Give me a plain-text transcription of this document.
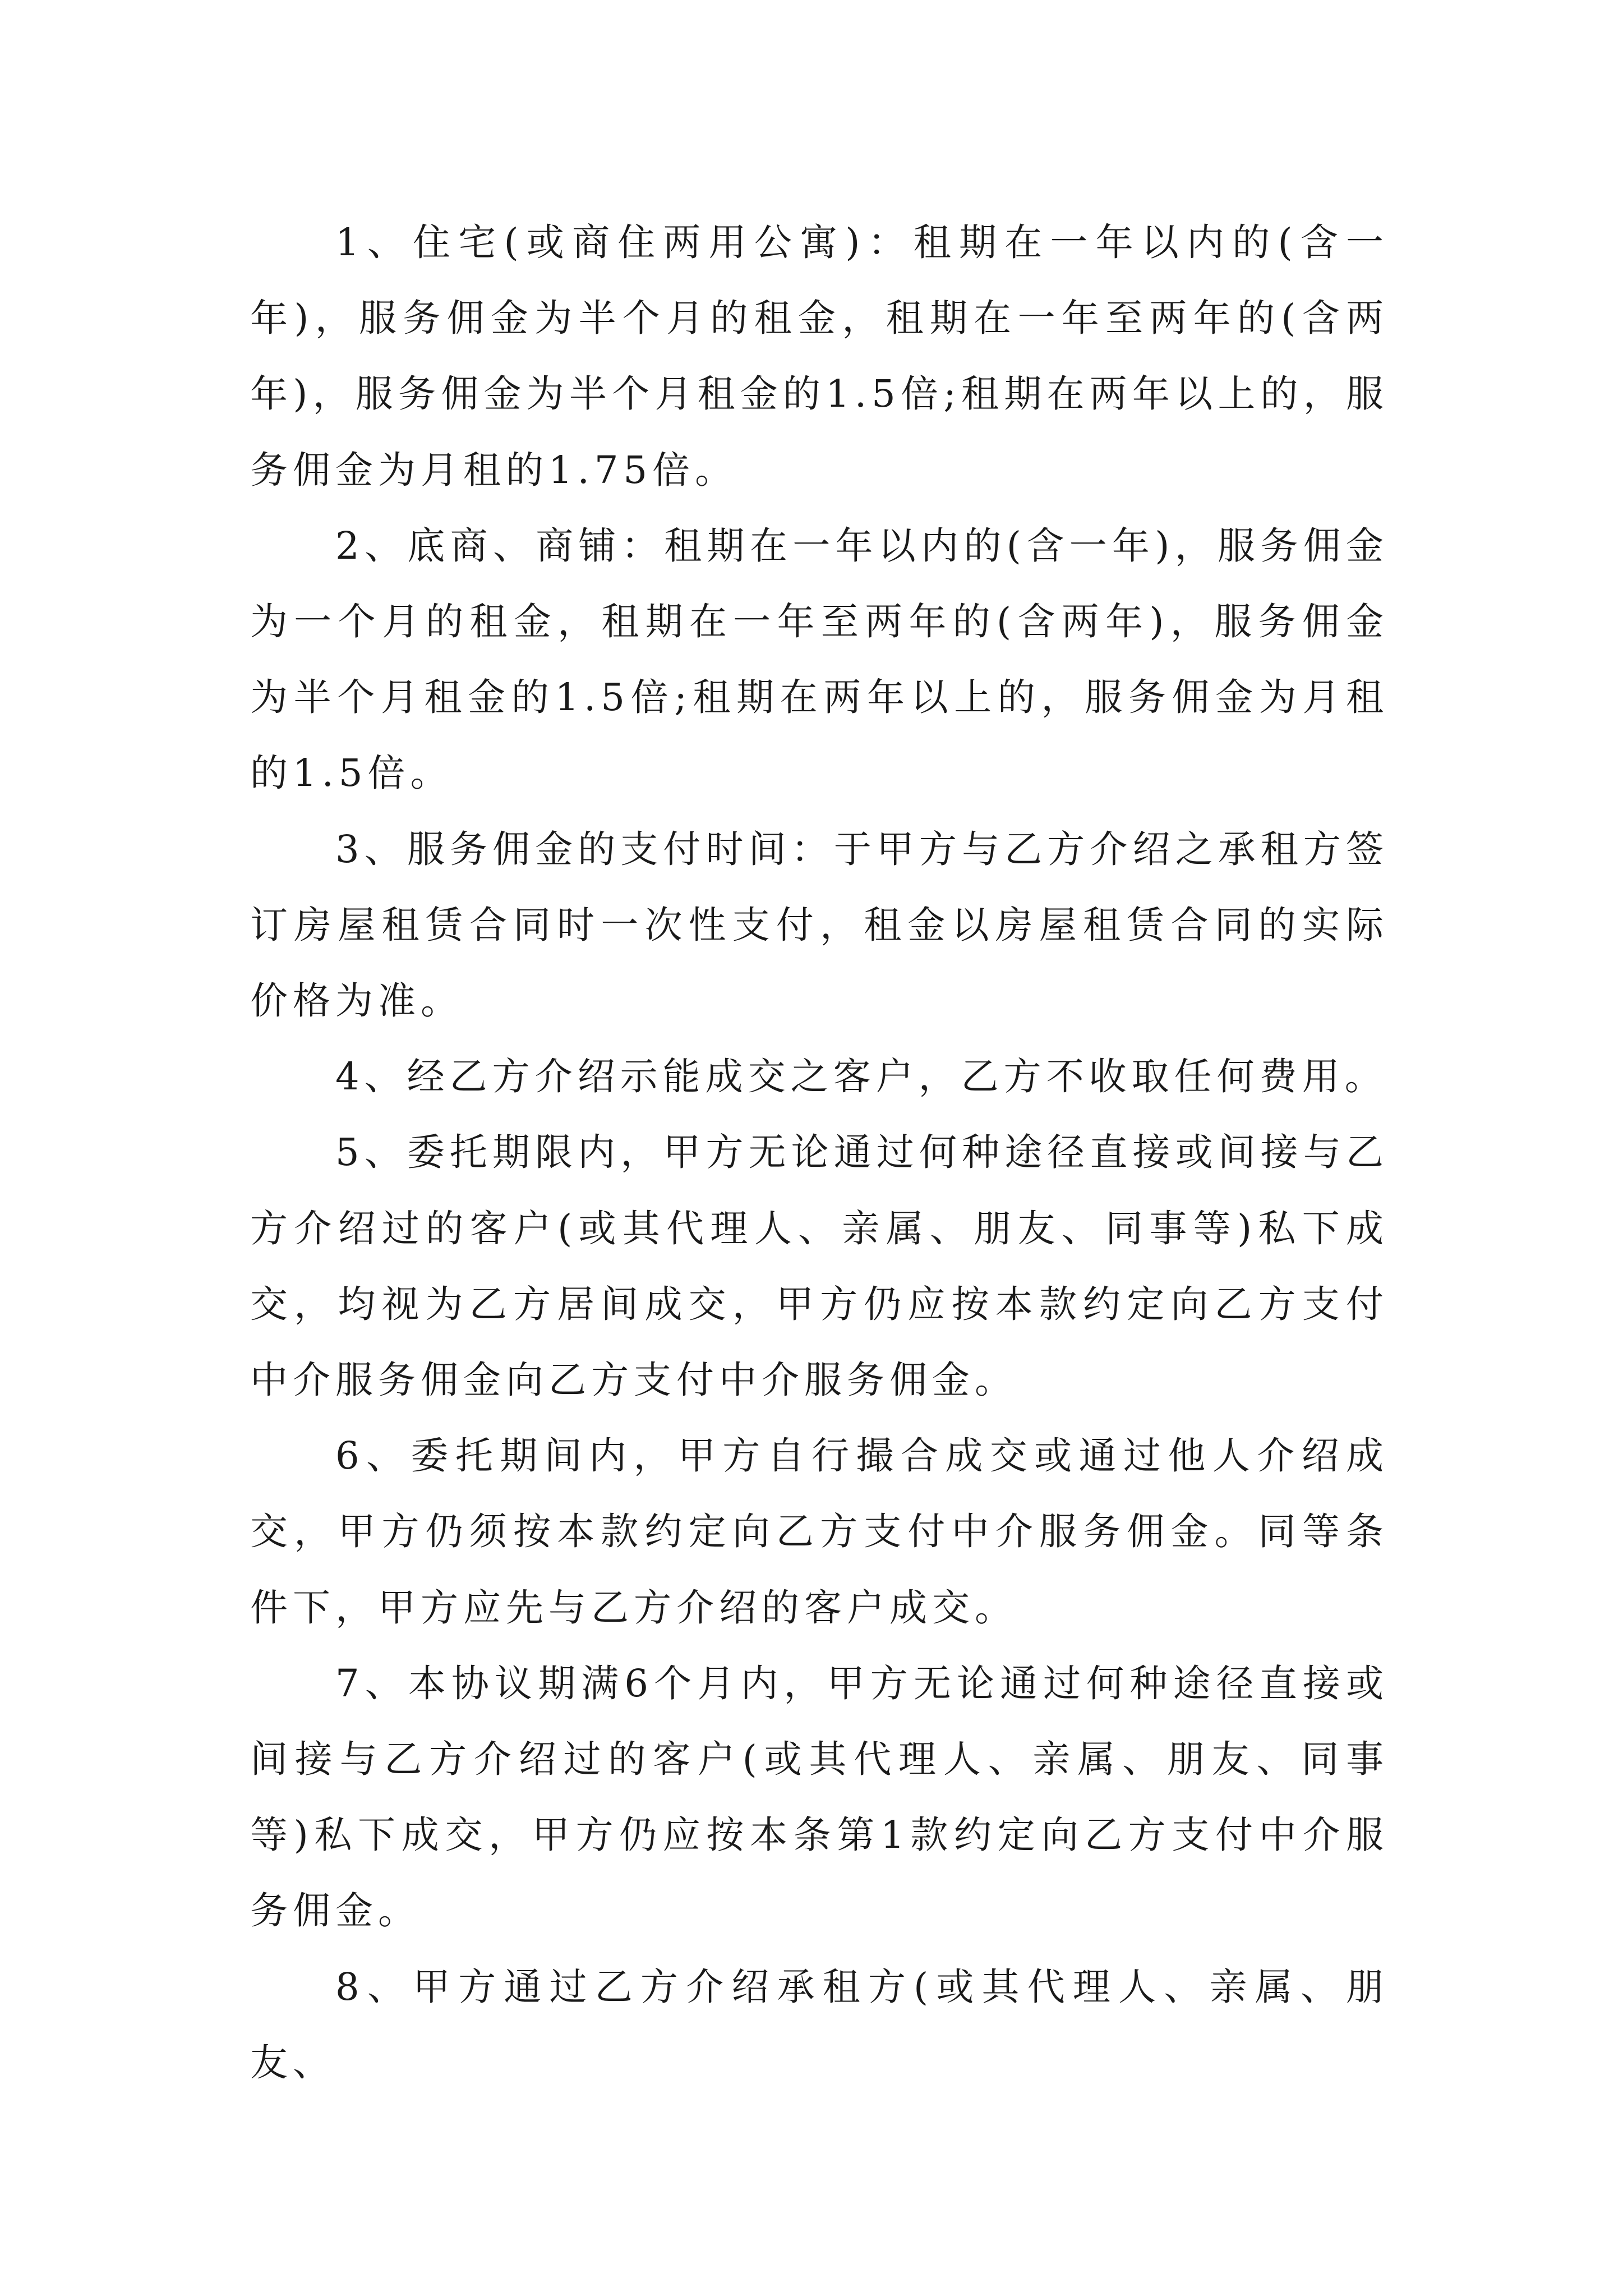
1、住宅(或商住两用公寓)：租期在一年以内的(含一年)，服务佣金为半个月的租金，租期在一年至两年的(含两年)，服务佣金为半个月租金的1.5倍;租期在两年以上的，服务佣金为月租的1.75倍。

2、底商、商铺：租期在一年以内的(含一年)，服务佣金为一个月的租金，租期在一年至两年的(含两年)，服务佣金为半个月租金的1.5倍;租期在两年以上的，服务佣金为月租的1.5倍。

3、服务佣金的支付时间：于甲方与乙方介绍之承租方签订房屋租赁合同时一次性支付，租金以房屋租赁合同的实际价格为准。

4、经乙方介绍示能成交之客户，乙方不收取任何费用。

5、委托期限内，甲方无论通过何种途径直接或间接与乙方介绍过的客户(或其代理人、亲属、朋友、同事等)私下成交，均视为乙方居间成交，甲方仍应按本款约定向乙方支付中介服务佣金向乙方支付中介服务佣金。

6、委托期间内，甲方自行撮合成交或通过他人介绍成交，甲方仍须按本款约定向乙方支付中介服务佣金。同等条件下，甲方应先与乙方介绍的客户成交。

7、本协议期满6个月内，甲方无论通过何种途径直接或间接与乙方介绍过的客户(或其代理人、亲属、朋友、同事等)私下成交，甲方仍应按本条第1款约定向乙方支付中介服务佣金。

8、甲方通过乙方介绍承租方(或其代理人、亲属、朋友、
